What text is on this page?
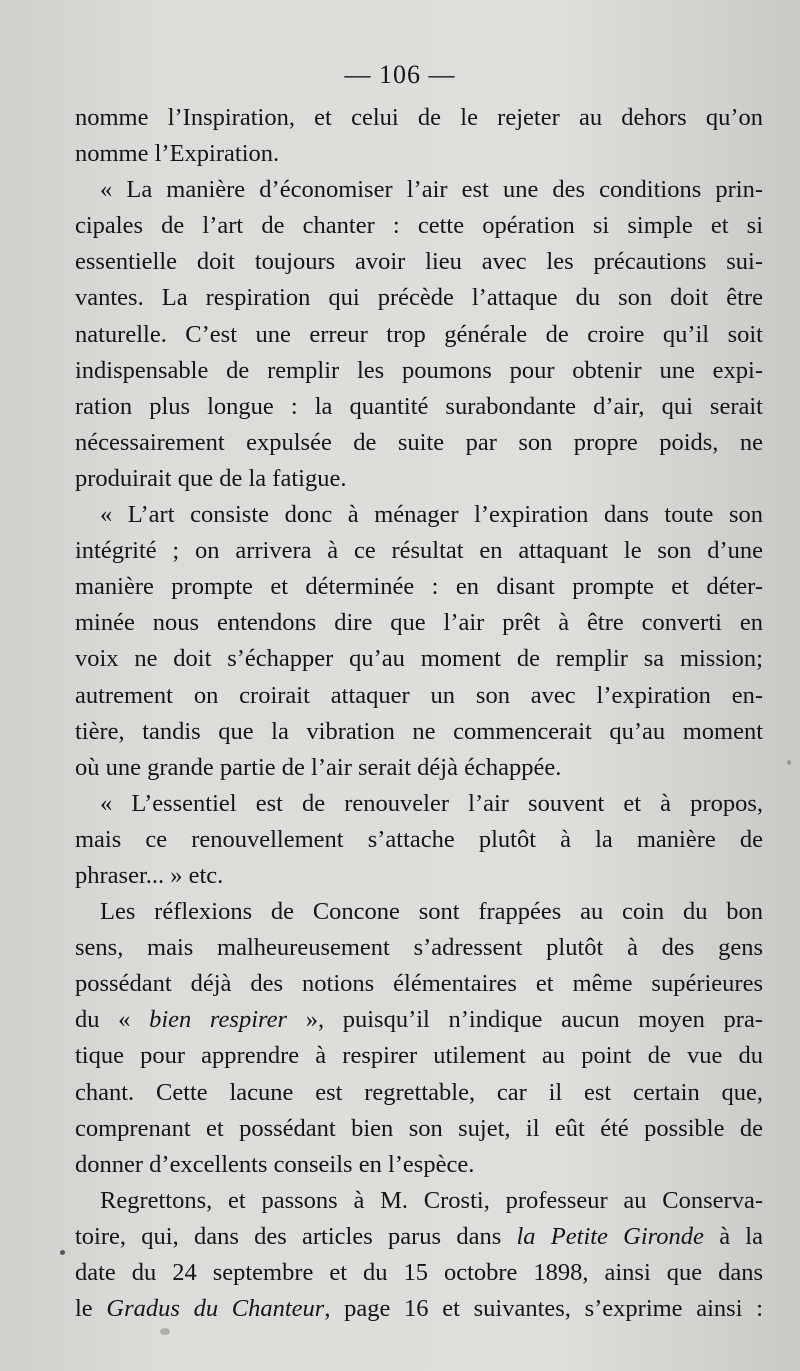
— 106 —
nomme l’Inspiration, et celui de le rejeter au dehors qu’on
nomme l’Expiration.
« La manière d’économiser l’air est une des conditions prin-
cipales de l’art de chanter : cette opération si simple et si
essentielle doit toujours avoir lieu avec les précautions sui-
vantes. La respiration qui précède l’attaque du son doit être
naturelle. C’est une erreur trop générale de croire qu’il soit
indispensable de remplir les poumons pour obtenir une expi-
ration plus longue : la quantité surabondante d’air, qui serait
nécessairement expulsée de suite par son propre poids, ne
produirait que de la fatigue.
« L’art consiste donc à ménager l’expiration dans toute son
intégrité ; on arrivera à ce résultat en attaquant le son d’une
manière prompte et déterminée : en disant prompte et déter-
minée nous entendons dire que l’air prêt à être converti en
voix ne doit s’échapper qu’au moment de remplir sa mission;
autrement on croirait attaquer un son avec l’expiration en-
tière, tandis que la vibration ne commencerait qu’au moment
où une grande partie de l’air serait déjà échappée.
« L’essentiel est de renouveler l’air souvent et à propos,
mais ce renouvellement s’attache plutôt à la manière de
phraser... » etc.
Les réflexions de Concone sont frappées au coin du bon
sens, mais malheureusement s’adressent plutôt à des gens
possédant déjà des notions élémentaires et même supérieures
du « bien respirer », puisqu’il n’indique aucun moyen pra-
tique pour apprendre à respirer utilement au point de vue du
chant. Cette lacune est regrettable, car il est certain que,
comprenant et possédant bien son sujet, il eût été possible de
donner d’excellents conseils en l’espèce.
Regrettons, et passons à M. Crosti, professeur au Conserva-
toire, qui, dans des articles parus dans la Petite Gironde à la
date du 24 septembre et du 15 octobre 1898, ainsi que dans
le Gradus du Chanteur, page 16 et suivantes, s’exprime ainsi :
